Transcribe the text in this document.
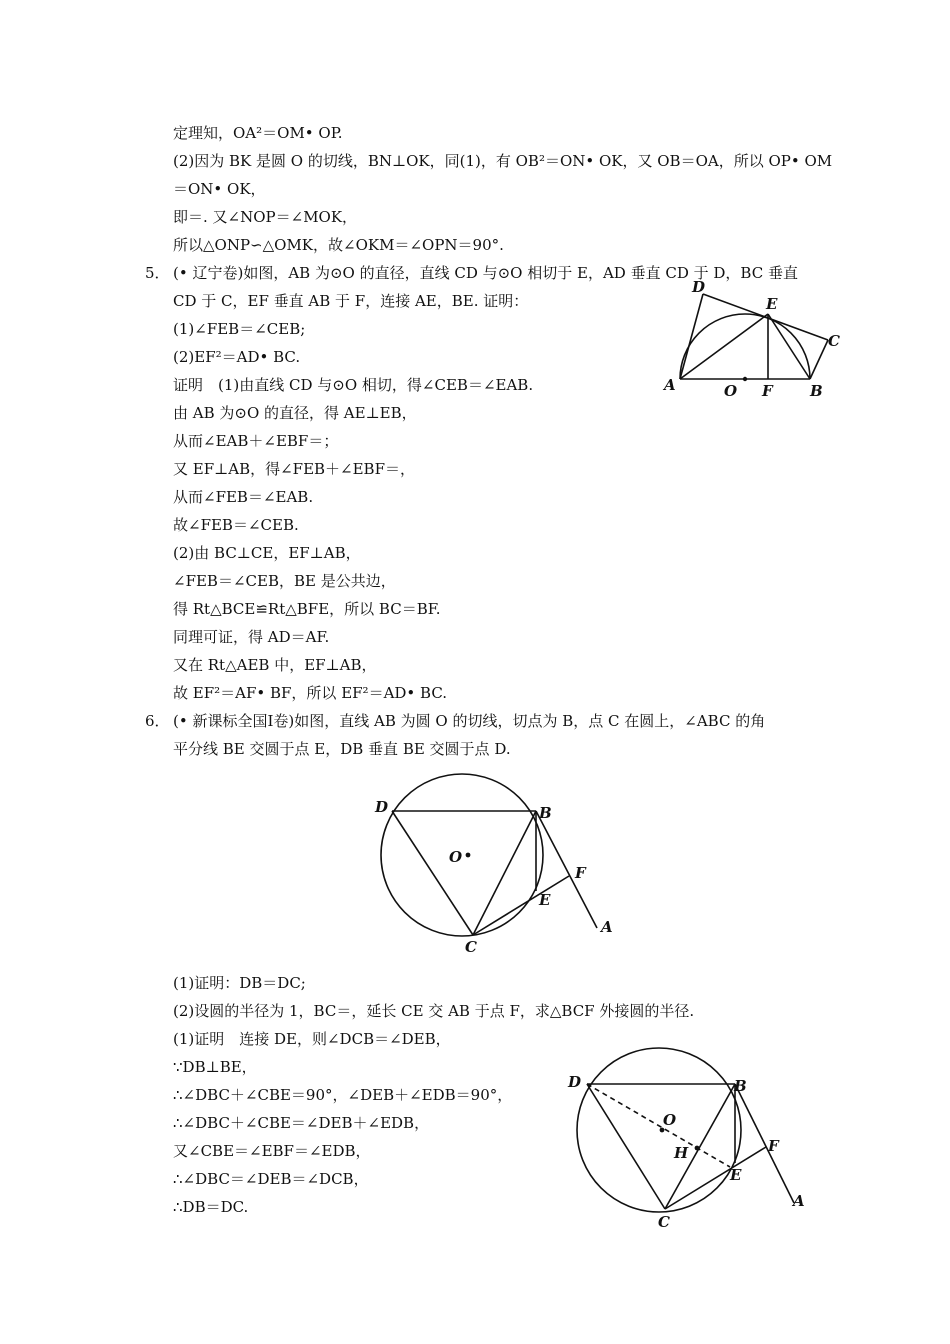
定理知，OA²＝OM• OP.
(2)因为 BK 是圆 O 的切线，BN⊥OK，同(1)，有 OB²＝ON• OK，又 OB＝OA，所以 OP• OM
＝ON• OK，
即＝. 又∠NOP＝∠MOK，
所以△ONP∽△OMK，故∠OKM＝∠OPN＝90°.
5． (• 辽宁卷)如图，AB 为⊙O 的直径，直线 CD 与⊙O 相切于 E，AD 垂直 CD 于 D，BC 垂直
CD 于 C，EF 垂直 AB 于 F，连接 AE，BE. 证明：
(1)∠FEB＝∠CEB;
(2)EF²＝AD• BC.
证明　(1)由直线 CD 与⊙O 相切，得∠CEB＝∠EAB.
由 AB 为⊙O 的直径，得 AE⊥EB，
从而∠EAB＋∠EBF＝；
又 EF⊥AB，得∠FEB＋∠EBF＝，
从而∠FEB＝∠EAB.
故∠FEB＝∠CEB.
(2)由 BC⊥CE，EF⊥AB，
∠FEB＝∠CEB，BE 是公共边，
得 Rt△BCE≌Rt△BFE，所以 BC＝BF.
同理可证，得 AD＝AF.
又在 Rt△AEB 中，EF⊥AB，
故 EF²＝AF• BF，所以 EF²＝AD• BC.
6． (• 新课标全国Ⅰ卷)如图，直线 AB 为圆 O 的切线，切点为 B，点 C 在圆上，∠ABC 的角
平分线 BE 交圆于点 E，DB 垂直 BE 交圆于点 D.
(1)证明：DB＝DC;
(2)设圆的半径为 1，BC＝，延长 CE 交 AB 于点 F，求△BCF 外接圆的半径.
(1)证明　连接 DE，则∠DCB＝∠DEB，
∵DB⊥BE，
∴∠DBC＋∠CBE＝90°，∠DEB＋∠EDB＝90°，
∴∠DBC＋∠CBE＝∠DEB＋∠EDB，
又∠CBE＝∠EBF＝∠EDB，
∴∠DBC＝∠DEB＝∠DCB，
∴DB＝DC.
A	O F B
D
E
C
D	B
O
F
E
C
A
D	B
O
H	F
E
C
A
